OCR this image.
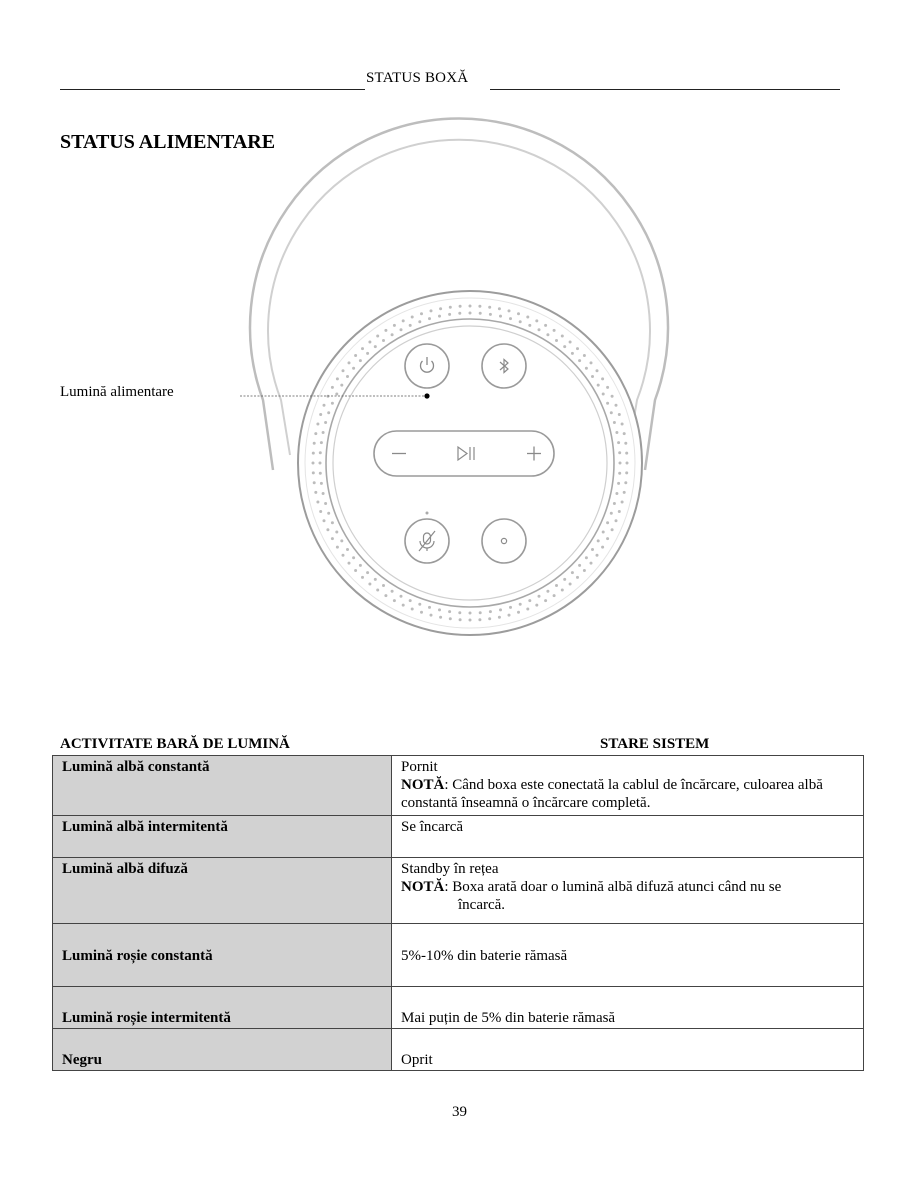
STATUS BOXĂ
STATUS ALIMENTARE
Lumină alimentare
ACTIVITATE BARĂ DE LUMINĂ	STARE SISTEM
Lumină albă constantă	Pornit
NOTĂ: Când boxa este conectată la cablul de încărcare, culoarea albă constantă înseamnă o încărcare completă.

Lumină albă intermitentă	Se încarcă
Lumină albă difuză	Standby în rețea
NOTĂ: Boxa arată doar o lumină albă difuză atunci când nu se
încarcă.

Lumină roșie constantă	5%-10% din baterie rămasă
Lumină roșie intermitentă	Mai puțin de 5% din baterie rămasă
Negru	Oprit
39
